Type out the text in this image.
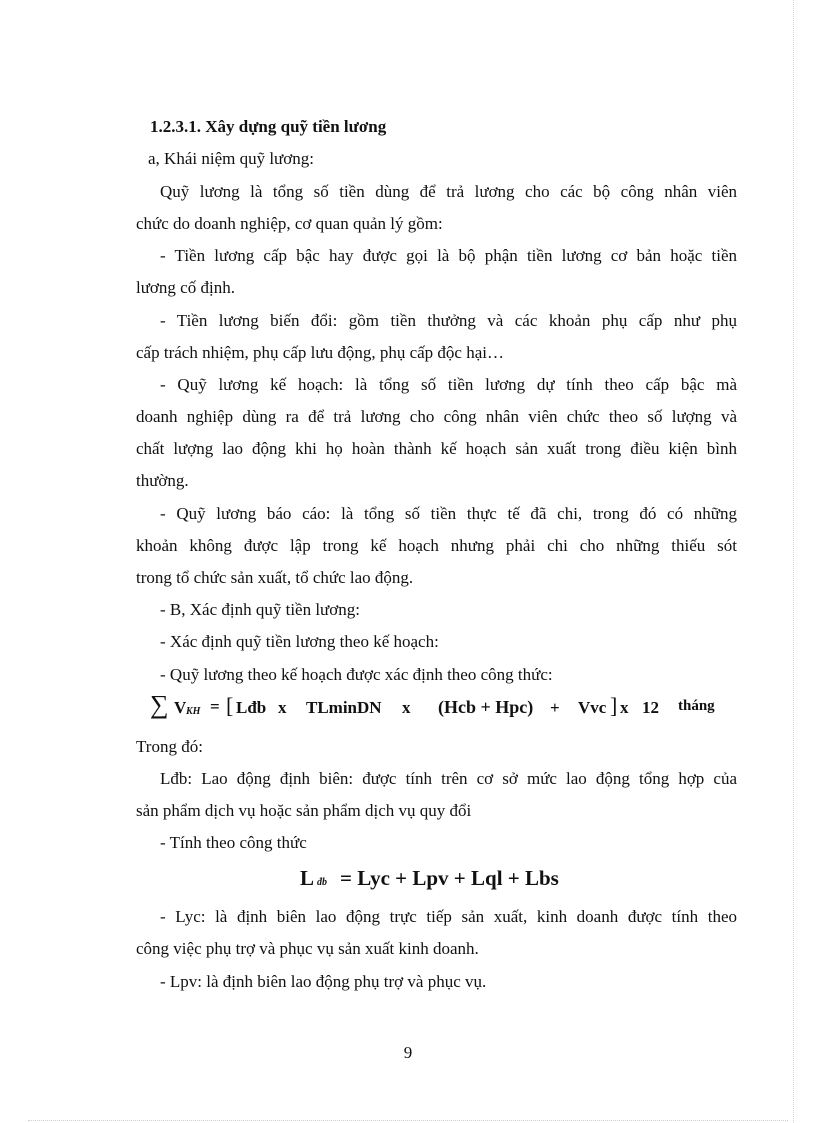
1.2.3.1. Xây dựng quỹ tiền lương
a, Khái niệm quỹ lương:
Quỹ lương là tổng số tiền dùng để trả lương cho các bộ công nhân viên
chức do doanh nghiệp, cơ quan quản lý gồm:
- Tiền lương cấp bậc hay được gọi là bộ phận tiền lương cơ bản hoặc tiền
lương cố định.
- Tiền lương biến đổi: gồm tiền thưởng và các khoản phụ cấp như phụ
cấp trách nhiệm, phụ cấp lưu động, phụ cấp độc hại…
- Quỹ lương kế hoạch: là tổng số tiền lương dự tính theo cấp bậc mà
doanh nghiệp dùng ra để trả lương cho công nhân viên chức theo số lượng và
chất lượng lao động khi họ hoàn thành kế hoạch sản xuất trong điều kiện bình
thường.
- Quỹ lương báo cáo: là tổng số tiền thực tế đã chi, trong đó có những
khoản không được lập trong kế hoạch nhưng phải chi cho những thiếu sót
trong tổ chức sản xuất, tổ chức lao động.
- B, Xác định quỹ tiền lương:
- Xác định quỹ tiền lương theo kế hoạch:
- Quỹ lương theo kế hoạch được xác định theo công thức:
∑ V KH = [ Lđb x TLminDN x (Hcb + Hpc) + Vvc ] x 12 tháng
Trong đó:
Lđb: Lao động định biên: được tính trên cơ sở mức lao động tổng hợp của
sản phẩm dịch vụ hoặc sản phẩm dịch vụ quy đổi
- Tính theo công thức
L đb = Lyc + Lpv + Lql + Lbs
- Lyc: là định biên lao động trực tiếp sản xuất, kinh doanh được tính theo
công việc phụ trợ và phục vụ sản xuất kinh doanh.
- Lpv: là định biên lao động phụ trợ và phục vụ.
9
